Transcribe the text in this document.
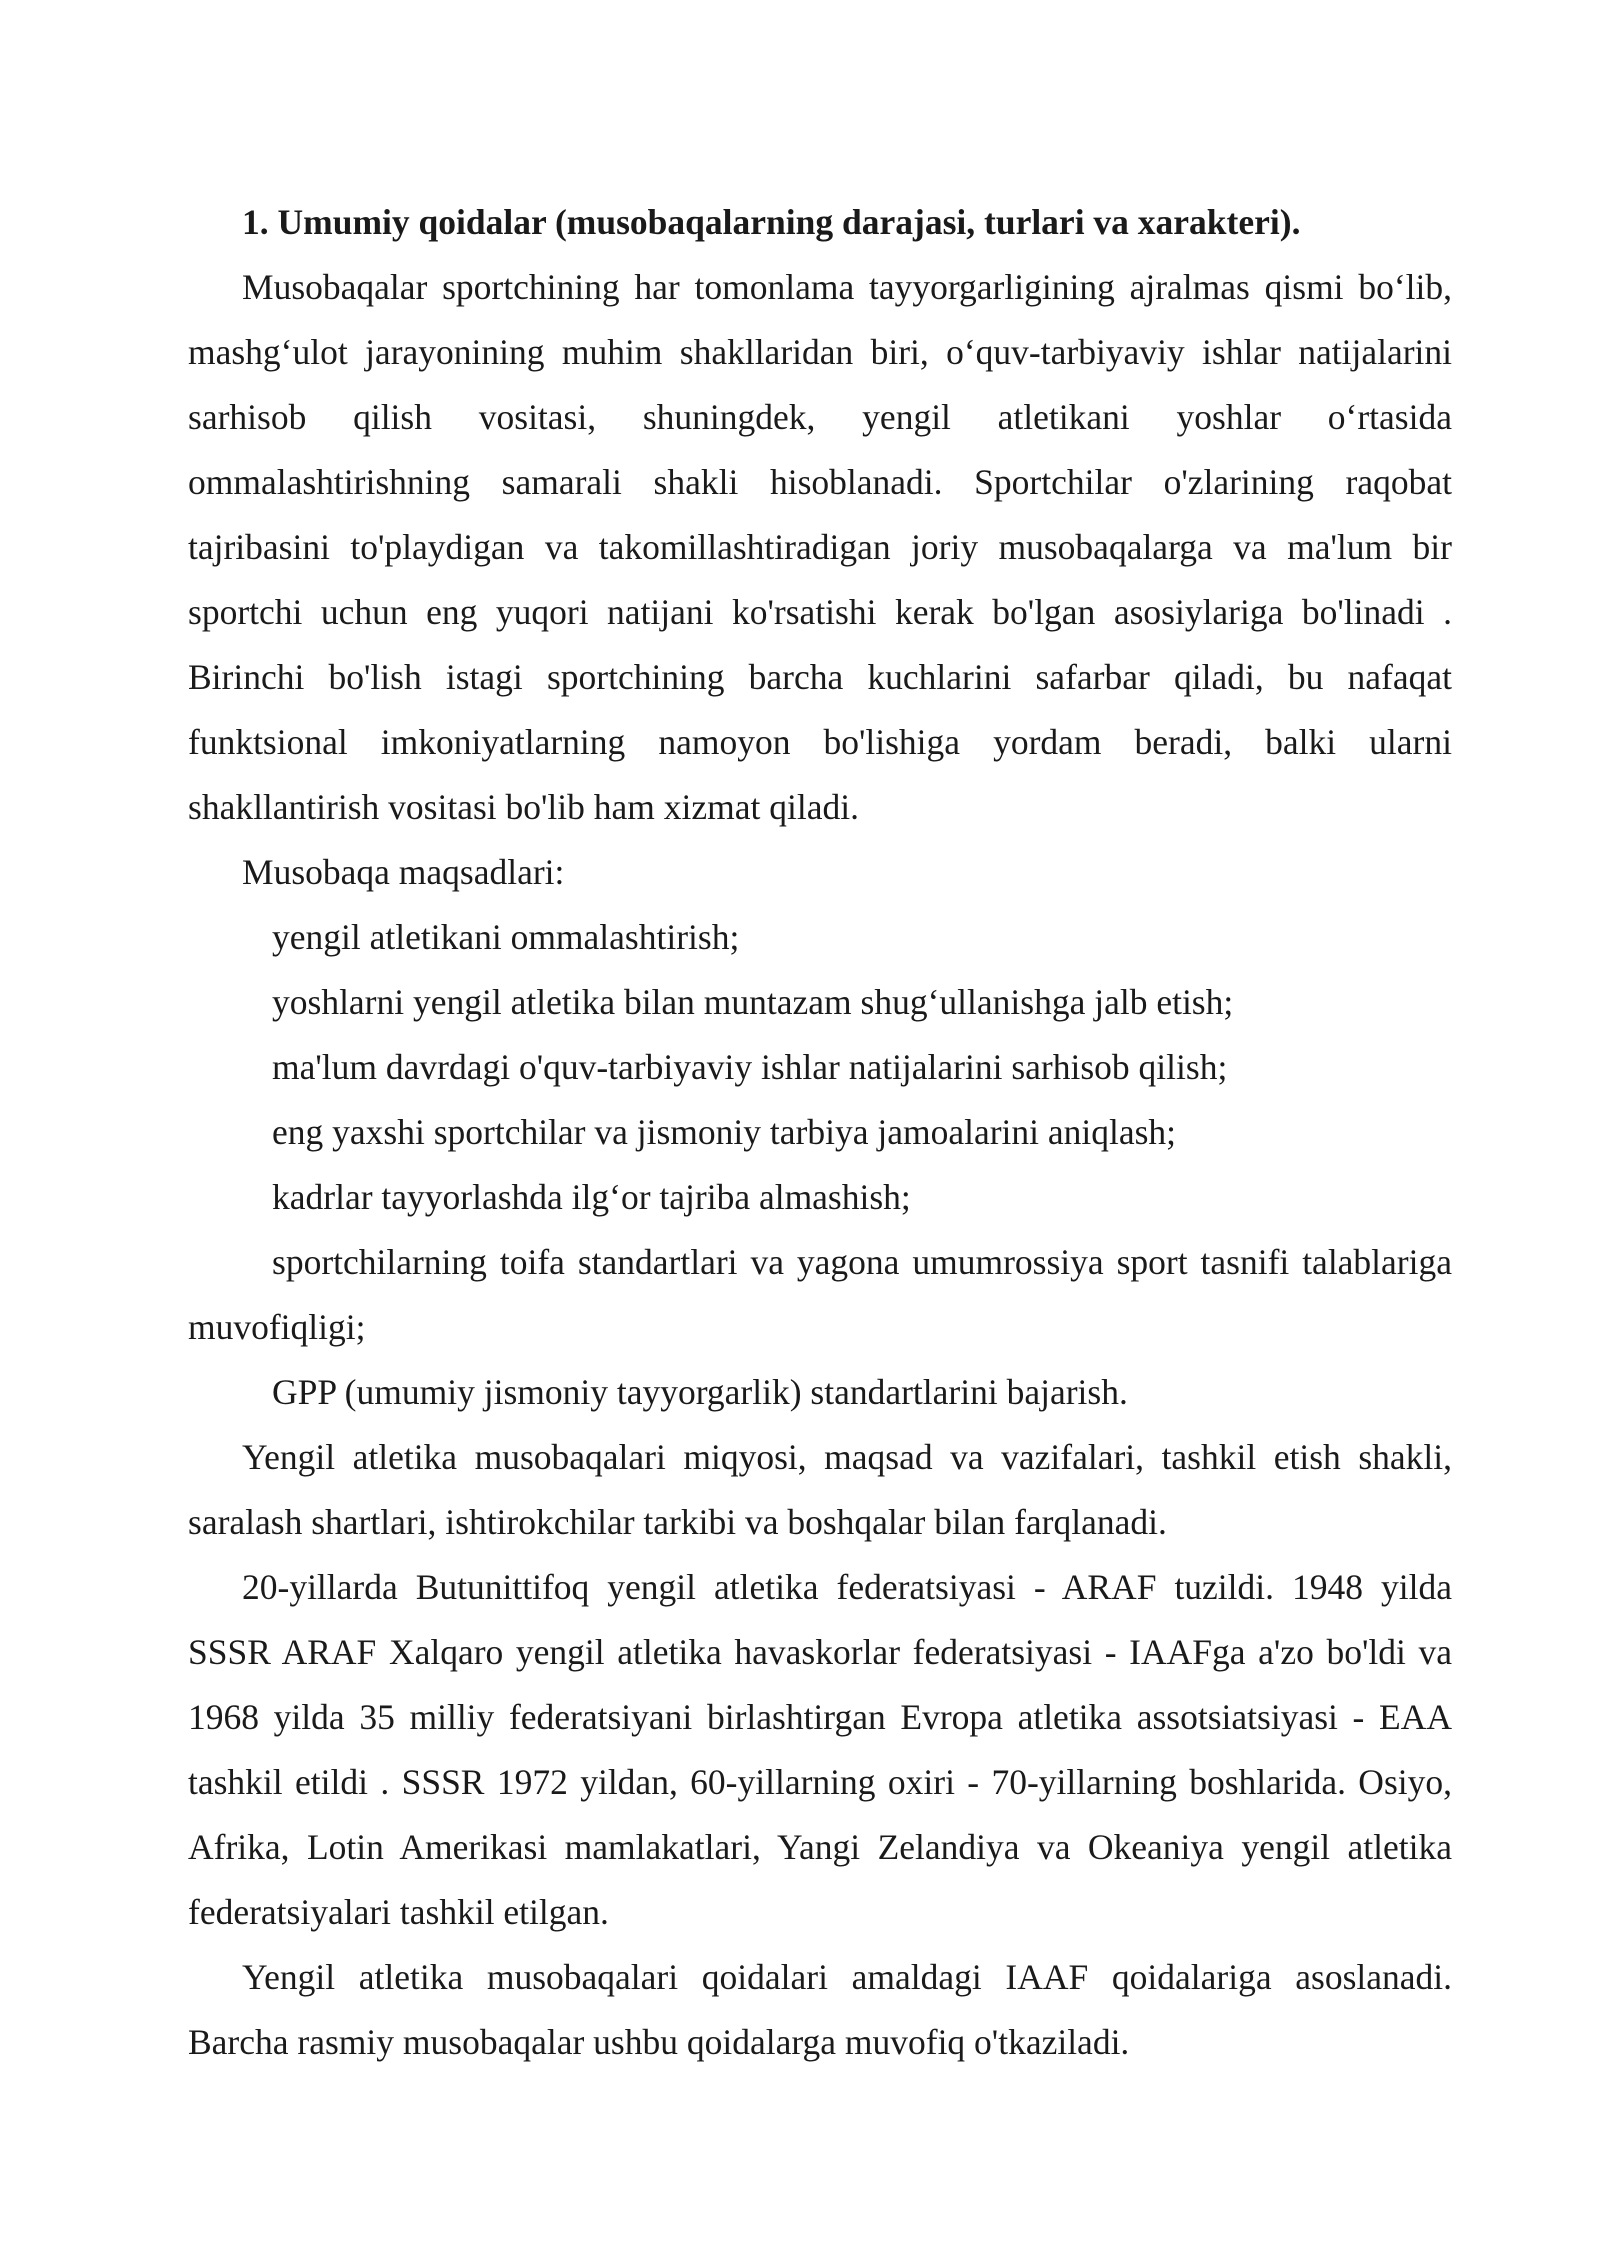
1. Umumiy qoidalar (musobaqalarning darajasi, turlari va xarakteri).

Musobaqalar sportchining har tomonlama tayyorgarligining ajralmas qismi bo‘lib, mashg‘ulot jarayonining muhim shakllaridan biri, o‘quv-tarbiyaviy ishlar natijalarini sarhisob qilish vositasi, shuningdek, yengil atletikani yoshlar o‘rtasida ommalashtirishning samarali shakli hisoblanadi. Sportchilar o'zlarining raqobat tajribasini to'playdigan va takomillashtiradigan joriy musobaqalarga va ma'lum bir sportchi uchun eng yuqori natijani ko'rsatishi kerak bo'lgan asosiylariga bo'linadi . Birinchi bo'lish istagi sportchining barcha kuchlarini safarbar qiladi, bu nafaqat funktsional imkoniyatlarning namoyon bo'lishiga yordam beradi, balki ularni shakllantirish vositasi bo'lib ham xizmat qiladi.

Musobaqa maqsadlari:

yengil atletikani ommalashtirish;

yoshlarni yengil atletika bilan muntazam shug‘ullanishga jalb etish;

ma'lum davrdagi o'quv-tarbiyaviy ishlar natijalarini sarhisob qilish;

eng yaxshi sportchilar va jismoniy tarbiya jamoalarini aniqlash;

kadrlar tayyorlashda ilg‘or tajriba almashish;

sportchilarning toifa standartlari va yagona umumrossiya sport tasnifi talablariga muvofiqligi;

GPP (umumiy jismoniy tayyorgarlik) standartlarini bajarish.

Yengil atletika musobaqalari miqyosi, maqsad va vazifalari, tashkil etish shakli, saralash shartlari, ishtirokchilar tarkibi va boshqalar bilan farqlanadi.

20-yillarda Butunittifoq yengil atletika federatsiyasi - ARAF tuzildi. 1948 yilda SSSR ARAF Xalqaro yengil atletika havaskorlar federatsiyasi - IAAFga a'zo bo'ldi va 1968 yilda 35 milliy federatsiyani birlashtirgan Evropa atletika assotsiatsiyasi - EAA tashkil etildi . SSSR 1972 yildan, 60-yillarning oxiri - 70-yillarning boshlarida. Osiyo, Afrika, Lotin Amerikasi mamlakatlari, Yangi Zelandiya va Okeaniya yengil atletika federatsiyalari tashkil etilgan.

Yengil atletika musobaqalari qoidalari amaldagi IAAF qoidalariga asoslanadi. Barcha rasmiy musobaqalar ushbu qoidalarga muvofiq o'tkaziladi.
